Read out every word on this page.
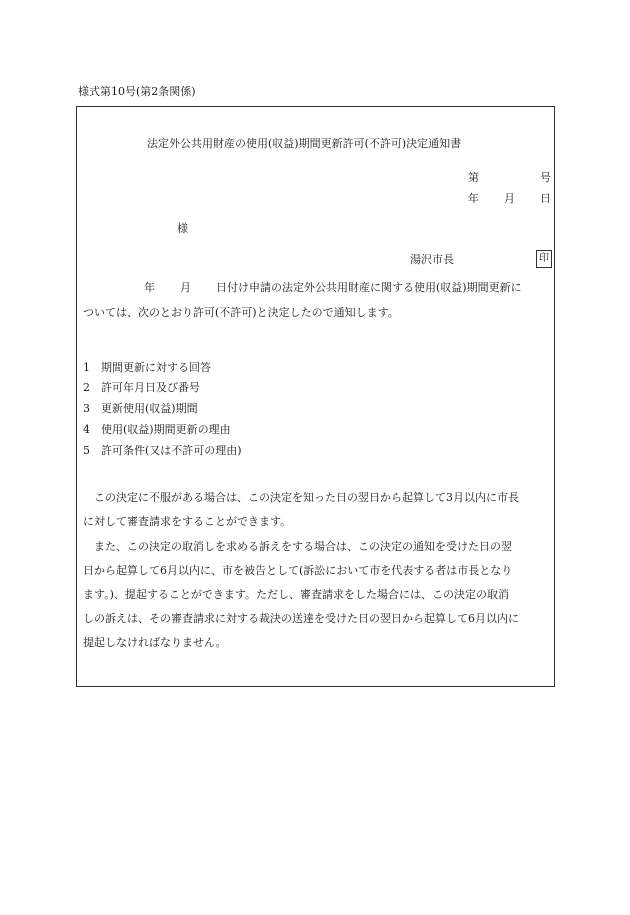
様式第10号(第2条関係)
法定外公共用財産の使用(収益)期間更新許可(不許可)決定通知書
第	号
年 月 日
様
湯沢市長	印
年 月 日付け申請の法定外公共用財産に関する使用(収益)期間更新に
ついては、次のとおり許可(不許可)と決定したので通知します。
1 期間更新に対する回答
2 許可年月日及び番号
3 更新使用(収益)期間
4 使用(収益)期間更新の理由
5 許可条件(又は不許可の理由)
　この決定に不服がある場合は、この決定を知った日の翌日から起算して3月以内に市長
に対して審査請求をすることができます。
　また、この決定の取消しを求める訴えをする場合は、この決定の通知を受けた日の翌
日から起算して6月以内に、市を被告として(訴訟において市を代表する者は市長となり
ます。)、提起することができます。ただし、審査請求をした場合には、この決定の取消
しの訴えは、その審査請求に対する裁決の送達を受けた日の翌日から起算して6月以内に
提起しなければなりません。
